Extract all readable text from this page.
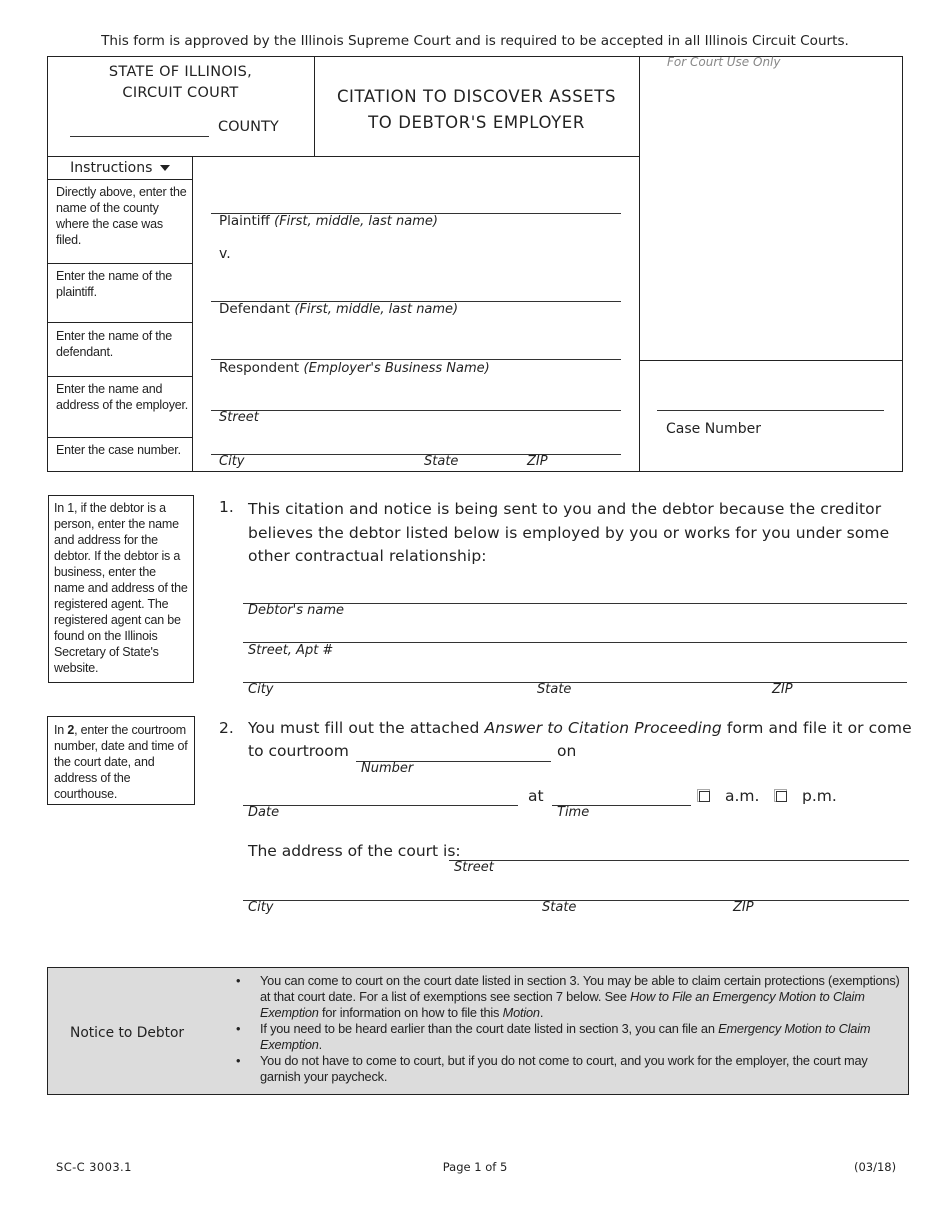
This form is approved by the Illinois Supreme Court and is required to be accepted in all Illinois Circuit Courts.
STATE OF ILLINOIS,
CIRCUIT COURT
COUNTY
CITATION TO DISCOVER ASSETS
TO DEBTOR'S EMPLOYER
For Court Use Only
Case Number
Instructions
Directly above, enter the name of the county where the case was filed.
Enter the name of the plaintiff.
Enter the name of the defendant.
Enter the name and address of the employer.
Enter the case number.
Plaintiff (First, middle, last name)
v.
Defendant (First, middle, last name)
Respondent (Employer's Business Name)
Street
City	State	ZIP
In 1, if the debtor is a person, enter the name and address for the debtor. If the debtor is a business, enter the name and address of the registered agent. The registered agent can be found on the Illinois Secretary of State's website.
1. This citation and notice is being sent to you and the debtor because the creditor believes the debtor listed below is employed by you or works for you under some other contractual relationship:
Debtor's name
Street, Apt #
City	State	ZIP
In 2, enter the courtroom number, date and time of the court date, and address of the courthouse.
2. You must fill out the attached Answer to Citation Proceeding form and file it or come
to courtroom
Number
on
Date
at
Time
a.m.	p.m.
The address of the court is:
Street
City	State	ZIP
Notice to Debtor
• You can come to court on the court date listed in section 3. You may be able to claim certain protections (exemptions) at that court date. For a list of exemptions see section 7 below. See How to File an Emergency Motion to Claim Exemption for information on how to file this Motion.
• If you need to be heard earlier than the court date listed in section 3, you can file an Emergency Motion to Claim Exemption.
• You do not have to come to court, but if you do not come to court, and you work for the employer, the court may garnish your paycheck.
SC-C 3003.1	Page 1 of 5	(03/18)
